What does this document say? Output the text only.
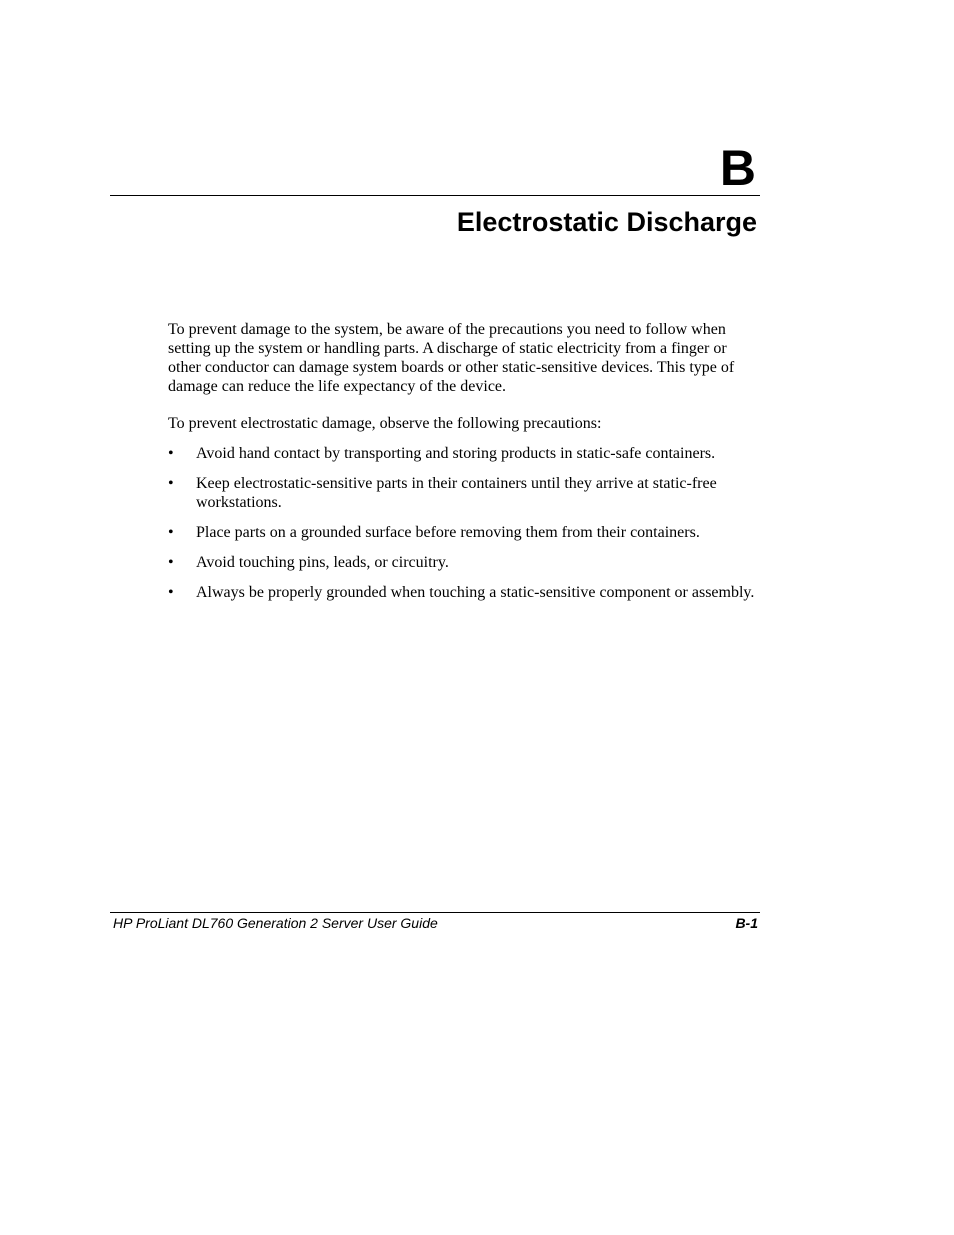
B
Electrostatic Discharge

To prevent damage to the system, be aware of the precautions you need to follow when setting up the system or handling parts. A discharge of static electricity from a finger or other conductor can damage system boards or other static-sensitive devices. This type of damage can reduce the life expectancy of the device.

To prevent electrostatic damage, observe the following precautions:

•	Avoid hand contact by transporting and storing products in static-safe containers.
•	Keep electrostatic-sensitive parts in their containers until they arrive at static-free workstations.
•	Place parts on a grounded surface before removing them from their containers.
•	Avoid touching pins, leads, or circuitry.
•	Always be properly grounded when touching a static-sensitive component or assembly.
HP ProLiant DL760 Generation 2 Server User Guide	B-1
